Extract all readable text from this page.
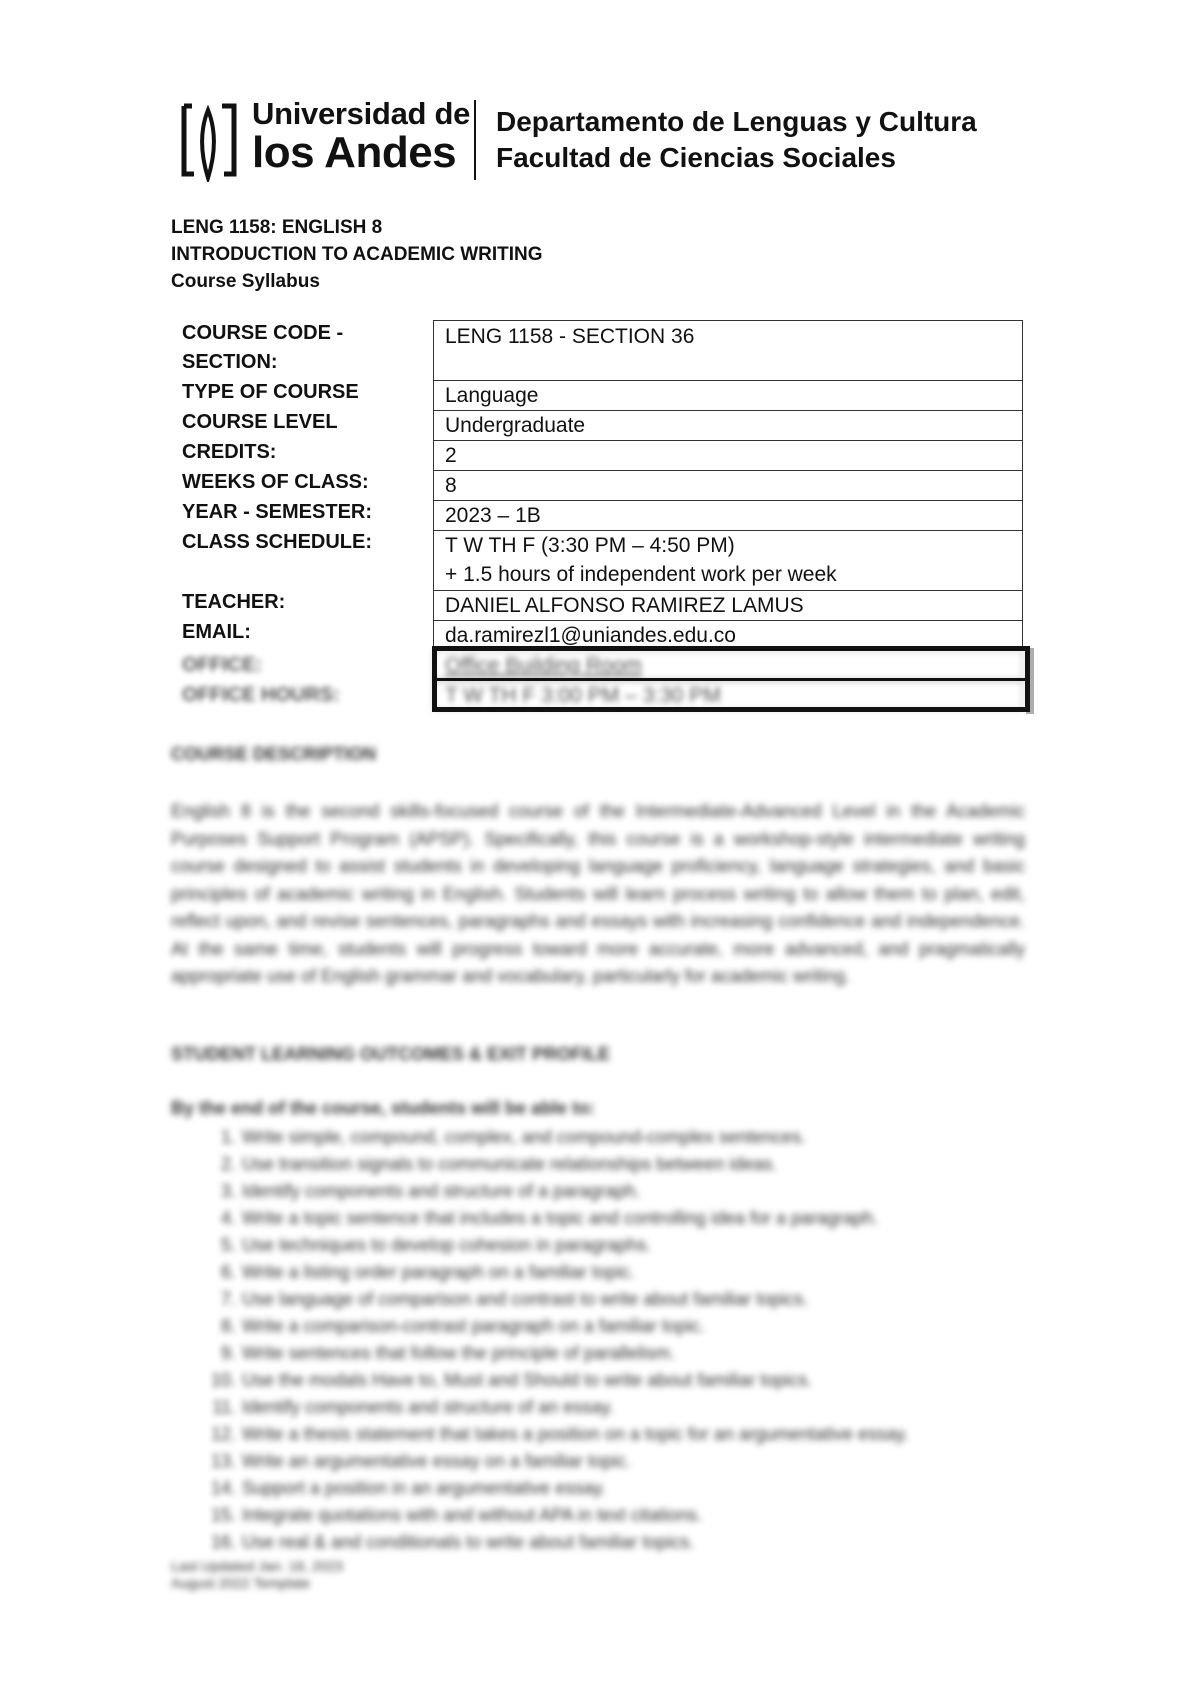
Universidad de
los Andes
Departamento de Lenguas y Cultura
Facultad de Ciencias Sociales
LENG 1158: ENGLISH 8
INTRODUCTION TO ACADEMIC WRITING
Course Syllabus
COURSE CODE -
SECTION:
TYPE OF COURSE
COURSE LEVEL
CREDITS:
WEEKS OF CLASS:
YEAR - SEMESTER:
CLASS SCHEDULE:
TEACHER:
EMAIL:
OFFICE:
OFFICE HOURS:
LENG 1158 - SECTION 36
Language
Undergraduate
2
8
2023 – 1B
T W TH F (3:30 PM – 4:50 PM)
+ 1.5 hours of independent work per week
DANIEL ALFONSO RAMIREZ LAMUS
da.ramirezl1@uniandes.edu.co
Office Building Room
T W TH F 3:00 PM – 3:30 PM
COURSE DESCRIPTION
English 8 is the second skills-focused course of the Intermediate-Advanced Level in the Academic Purposes Support Program (APSP). Specifically, this course is a workshop-style intermediate writing course designed to assist students in developing language proficiency, language strategies, and basic principles of academic writing in English. Students will learn process writing to allow them to plan, edit, reflect upon, and revise sentences, paragraphs and essays with increasing confidence and independence. At the same time, students will progress toward more accurate, more advanced, and pragmatically appropriate use of English grammar and vocabulary, particularly for academic writing.
STUDENT LEARNING OUTCOMES & EXIT PROFILE
By the end of the course, students will be able to:
1. Write simple, compound, complex, and compound-complex sentences.
2. Use transition signals to communicate relationships between ideas.
3. Identify components and structure of a paragraph.
4. Write a topic sentence that includes a topic and controlling idea for a paragraph.
5. Use techniques to develop cohesion in paragraphs.
6. Write a listing order paragraph on a familiar topic.
7. Use language of comparison and contrast to write about familiar topics.
8. Write a comparison-contrast paragraph on a familiar topic.
9. Write sentences that follow the principle of parallelism.
10. Use the modals Have to, Must and Should to write about familiar topics.
11. Identify components and structure of an essay.
12. Write a thesis statement that takes a position on a topic for an argumentative essay.
13. Write an argumentative essay on a familiar topic.
14. Support a position in an argumentative essay.
15. Integrate quotations with and without APA in text citations.
16. Use real & and conditionals to write about familiar topics.
Last Updated Jan. 18, 2023
August 2022 Template
